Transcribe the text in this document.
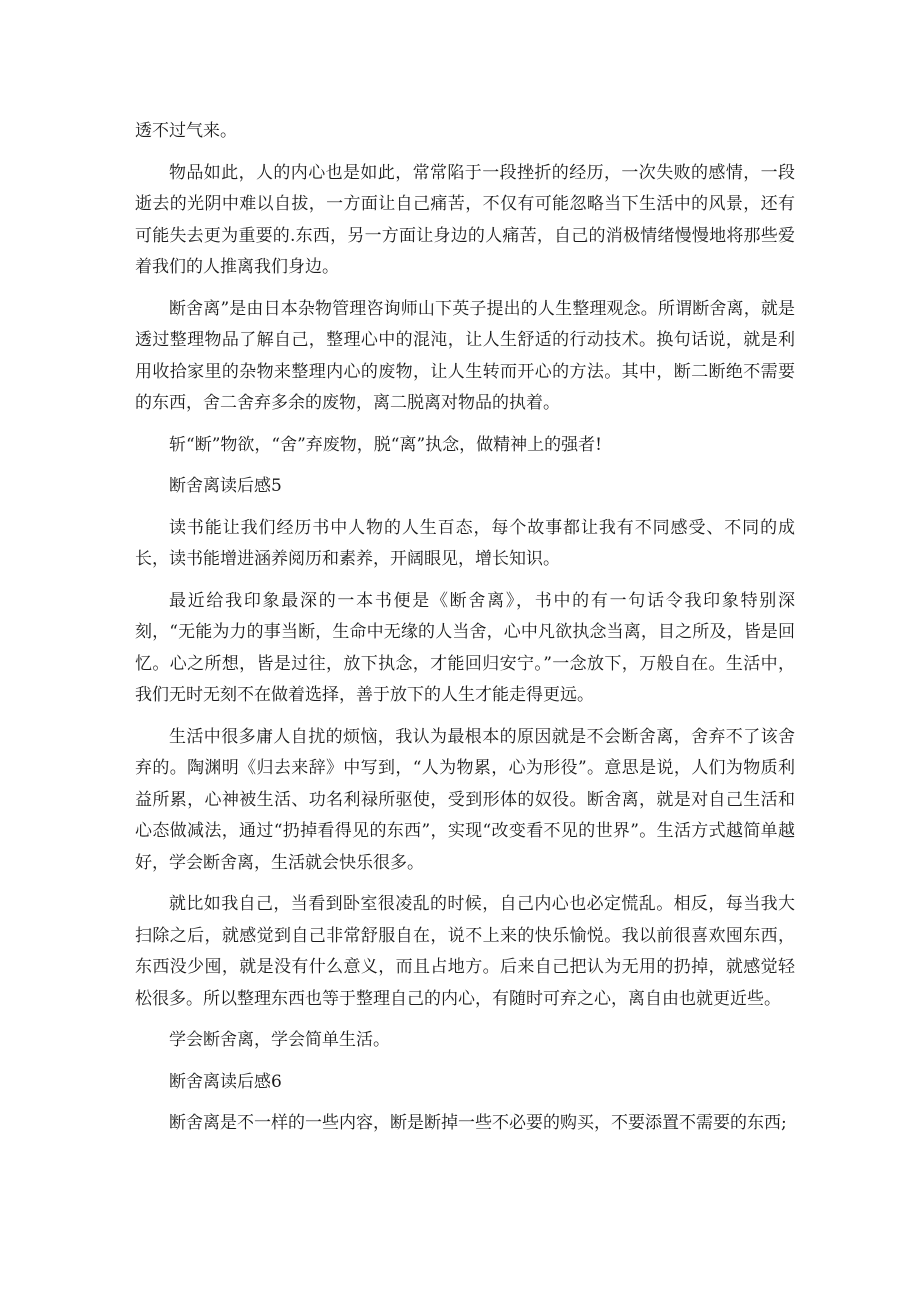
透不过气来。

物品如此，人的内心也是如此，常常陷于一段挫折的经历，一次失败的感情，一段逝去的光阴中难以自拔，一方面让自己痛苦，不仅有可能忽略当下生活中的风景，还有可能失去更为重要的.东西，另一方面让身边的人痛苦，自己的消极情绪慢慢地将那些爱着我们的人推离我们身边。

断舍离”是由日本杂物管理咨询师山下英子提出的人生整理观念。所谓断舍离，就是透过整理物品了解自己，整理心中的混沌，让人生舒适的行动技术。换句话说，就是利用收拾家里的杂物来整理内心的废物，让人生转而开心的方法。其中，断二断绝不需要的东西，舍二舍弃多余的废物，离二脱离对物品的执着。

斩“断”物欲，“舍”弃废物，脱“离”执念，做精神上的强者!

断舍离读后感5

读书能让我们经历书中人物的人生百态，每个故事都让我有不同感受、不同的成长，读书能增进涵养阅历和素养，开阔眼见，增长知识。

最近给我印象最深的一本书便是《断舍离》，书中的有一句话令我印象特别深刻，“无能为力的事当断，生命中无缘的人当舍，心中凡欲执念当离，目之所及，皆是回忆。心之所想，皆是过往，放下执念，才能回归安宁。”一念放下，万般自在。生活中，我们无时无刻不在做着选择，善于放下的人生才能走得更远。

生活中很多庸人自扰的烦恼，我认为最根本的原因就是不会断舍离，舍弃不了该舍弃的。陶渊明《归去来辞》中写到，“人为物累，心为形役”。意思是说，人们为物质利益所累，心神被生活、功名利禄所驱使，受到形体的奴役。断舍离，就是对自己生活和心态做减法，通过“扔掉看得见的东西”，实现“改变看不见的世界”。生活方式越简单越好，学会断舍离，生活就会快乐很多。

就比如我自己，当看到卧室很凌乱的时候，自己内心也必定慌乱。相反，每当我大扫除之后，就感觉到自己非常舒服自在，说不上来的快乐愉悦。我以前很喜欢囤东西，东西没少囤，就是没有什么意义，而且占地方。后来自己把认为无用的扔掉，就感觉轻松很多。所以整理东西也等于整理自己的内心，有随时可弃之心，离自由也就更近些。

学会断舍离，学会简单生活。

断舍离读后感6

断舍离是不一样的一些内容，断是断掉一些不必要的购买，不要添置不需要的东西;
